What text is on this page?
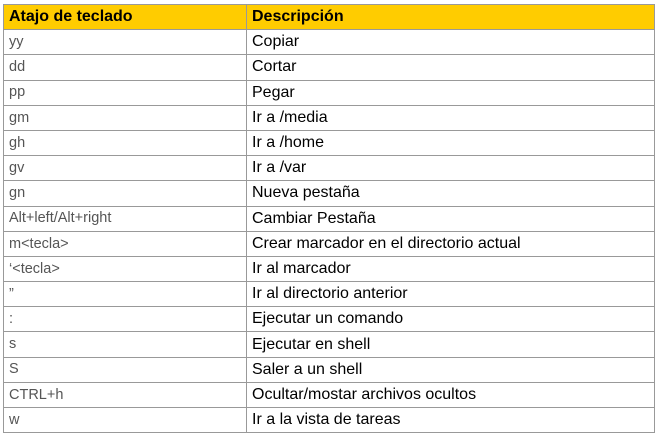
Atajo de teclado	Descripción
yy	Copiar
dd	Cortar
pp	Pegar
gm	Ir a /media
gh	Ir a /home
gv	Ir a /var
gn	Nueva pestaña
Alt+left/Alt+right	Cambiar Pestaña
m<tecla>	Crear marcador en el directorio actual
‘<tecla>	Ir al marcador
”	Ir al directorio anterior
:	Ejecutar un comando
s	Ejecutar en shell
S	Saler a un shell
CTRL+h	Ocultar/mostar archivos ocultos
w	Ir a la vista de tareas
